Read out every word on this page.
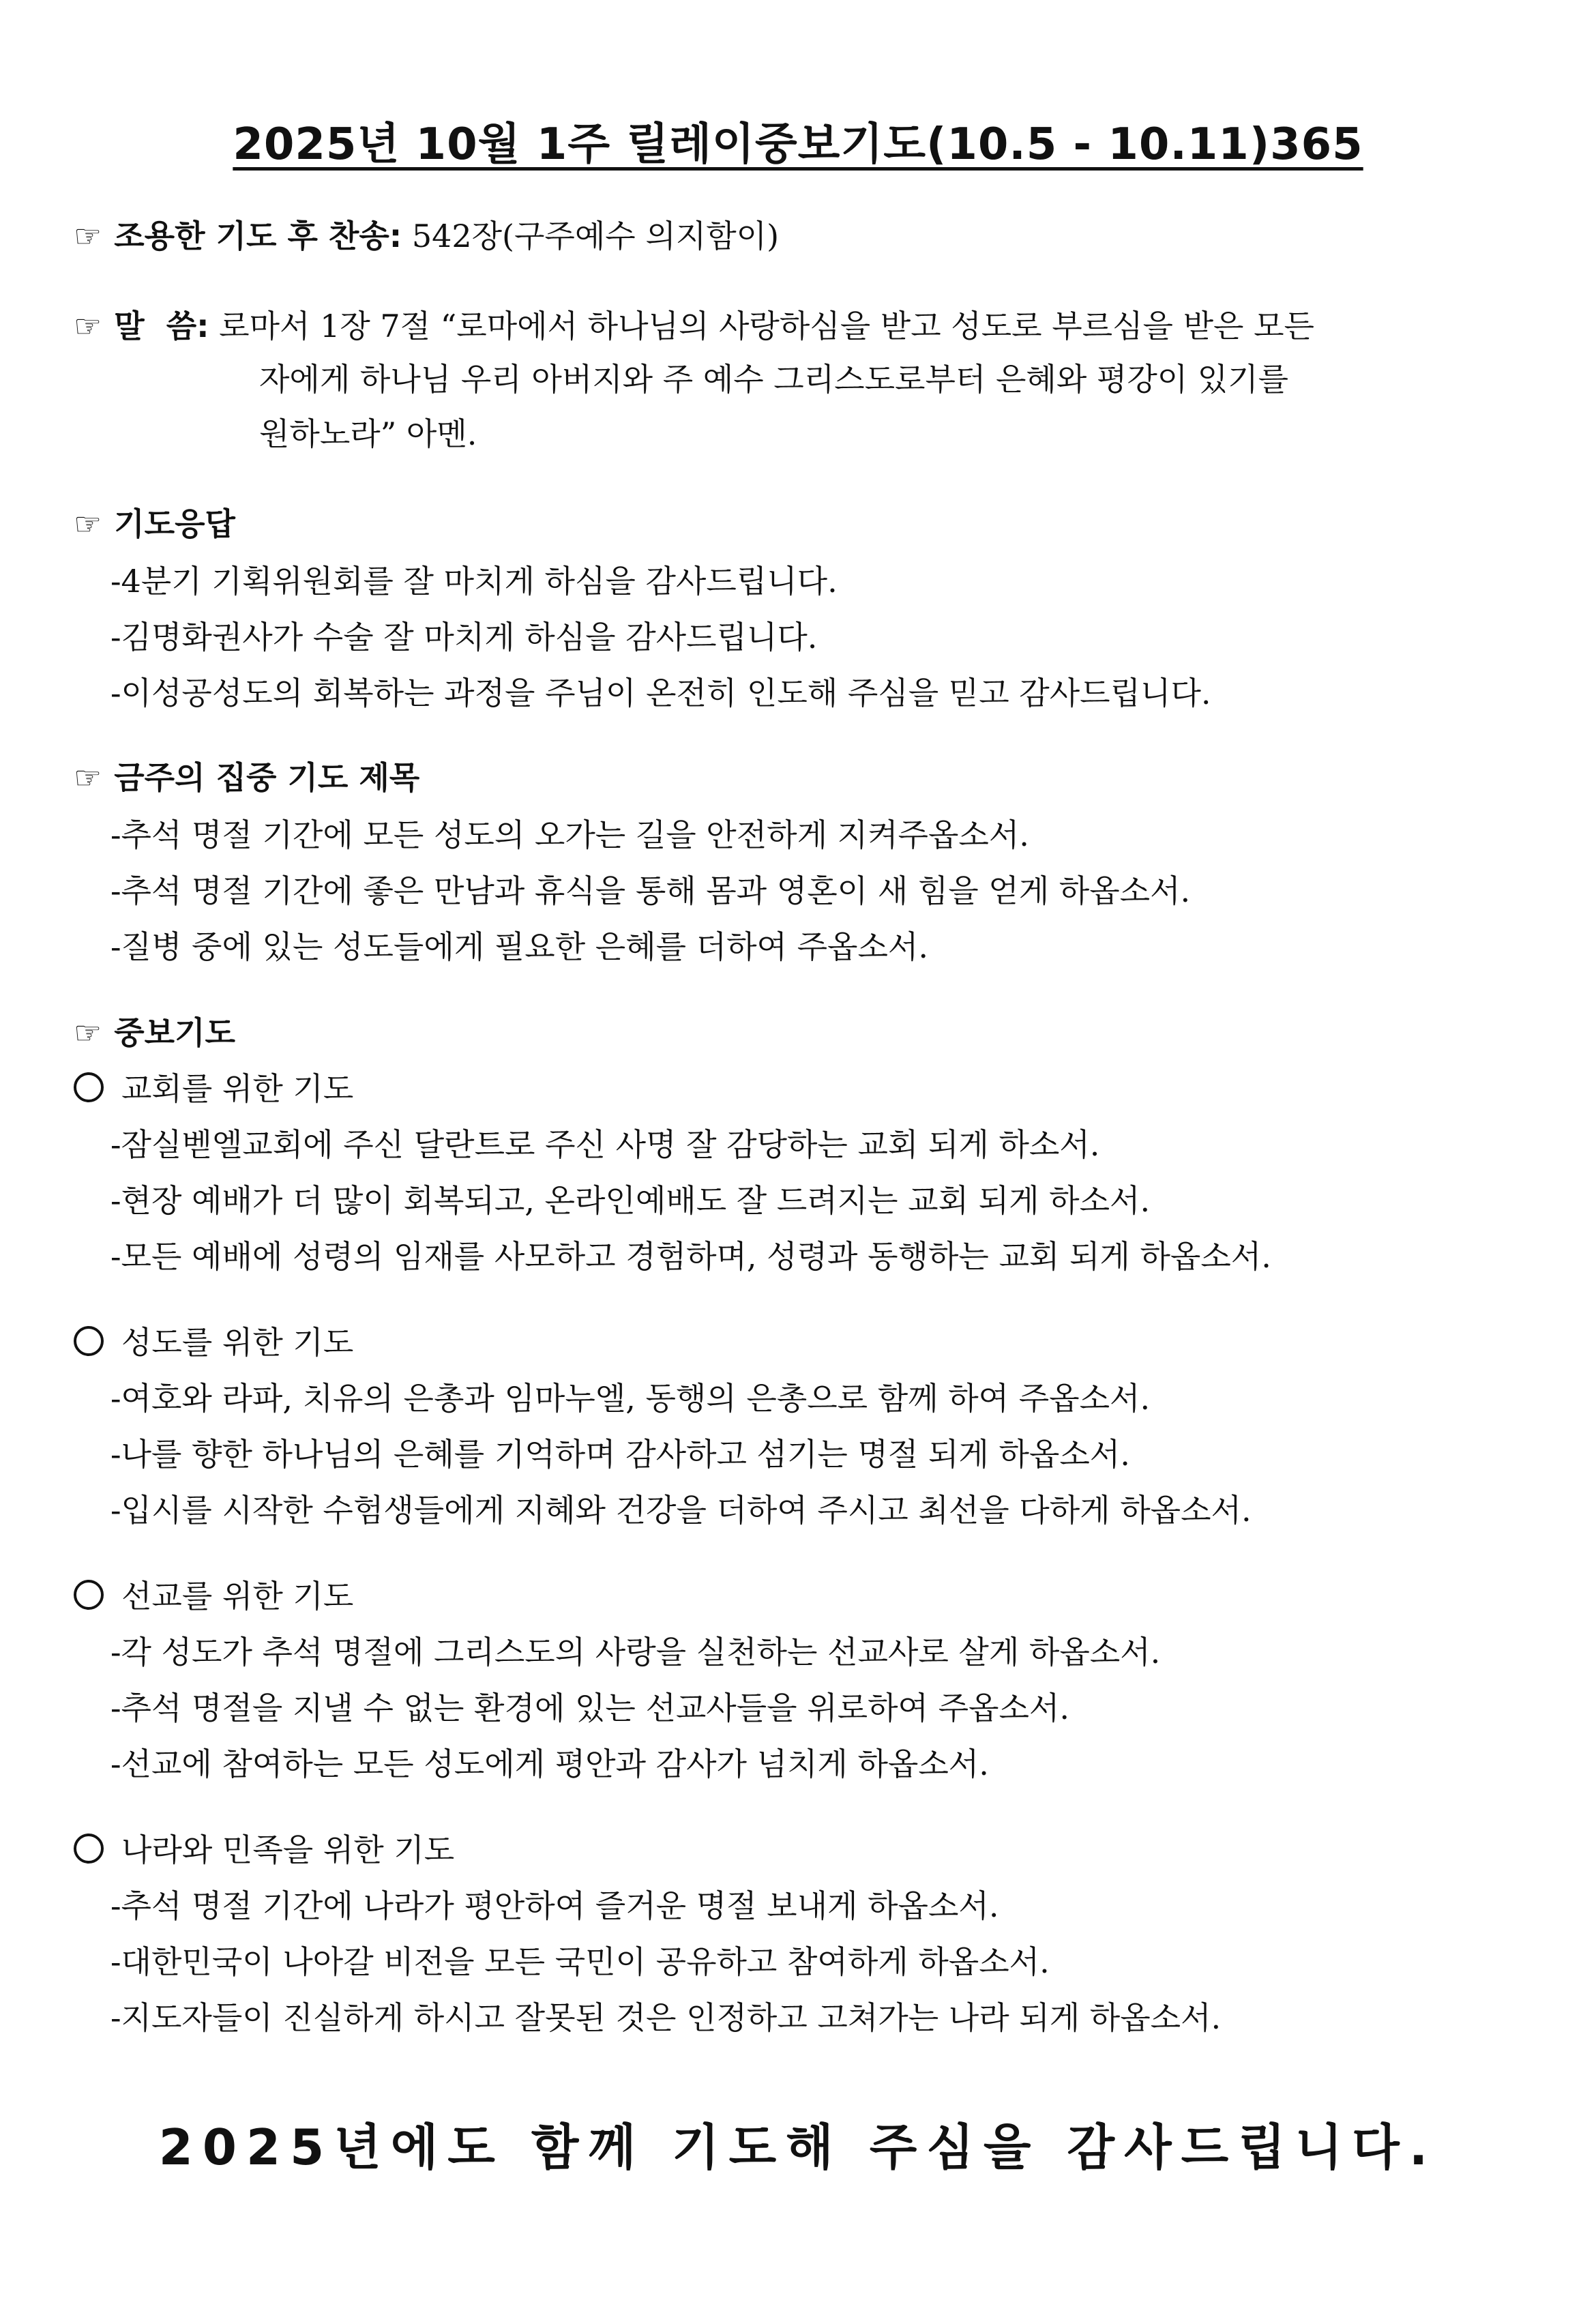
2025년 10월 1주 릴레이중보기도(10.5 - 10.11)365
☞ 조용한 기도 후 찬송: 542장(구주예수 의지함이)
☞ 말  씀: 로마서 1장 7절 “로마에서 하나님의 사랑하심을 받고 성도로 부르심을 받은 모든
자에게 하나님 우리 아버지와 주 예수 그리스도로부터 은혜와 평강이 있기를
원하노라” 아멘.
☞ 기도응답
-4분기 기획위원회를 잘 마치게 하심을 감사드립니다.
-김명화권사가 수술 잘 마치게 하심을 감사드립니다.
-이성공성도의 회복하는 과정을 주님이 온전히 인도해 주심을 믿고 감사드립니다.
☞ 금주의 집중 기도 제목
-추석 명절 기간에 모든 성도의 오가는 길을 안전하게 지켜주옵소서.
-추석 명절 기간에 좋은 만남과 휴식을 통해 몸과 영혼이 새 힘을 얻게 하옵소서.
-질병 중에 있는 성도들에게 필요한 은혜를 더하여 주옵소서.
☞ 중보기도
교회를 위한 기도
-잠실벧엘교회에 주신 달란트로 주신 사명 잘 감당하는 교회 되게 하소서.
-현장 예배가 더 많이 회복되고, 온라인예배도 잘 드려지는 교회 되게 하소서.
-모든 예배에 성령의 임재를 사모하고 경험하며, 성령과 동행하는 교회 되게 하옵소서.
성도를 위한 기도
-여호와 라파, 치유의 은총과 임마누엘, 동행의 은총으로 함께 하여 주옵소서.
-나를 향한 하나님의 은혜를 기억하며 감사하고 섬기는 명절 되게 하옵소서.
-입시를 시작한 수험생들에게 지혜와 건강을 더하여 주시고 최선을 다하게 하옵소서.
선교를 위한 기도
-각 성도가 추석 명절에 그리스도의 사랑을 실천하는 선교사로 살게 하옵소서.
-추석 명절을 지낼 수 없는 환경에 있는 선교사들을 위로하여 주옵소서.
-선교에 참여하는 모든 성도에게 평안과 감사가 넘치게 하옵소서.
나라와 민족을 위한 기도
-추석 명절 기간에 나라가 평안하여 즐거운 명절 보내게 하옵소서.
-대한민국이 나아갈 비전을 모든 국민이 공유하고 참여하게 하옵소서.
-지도자들이 진실하게 하시고 잘못된 것은 인정하고 고쳐가는 나라 되게 하옵소서.
2025년에도 함께 기도해 주심을 감사드립니다.
